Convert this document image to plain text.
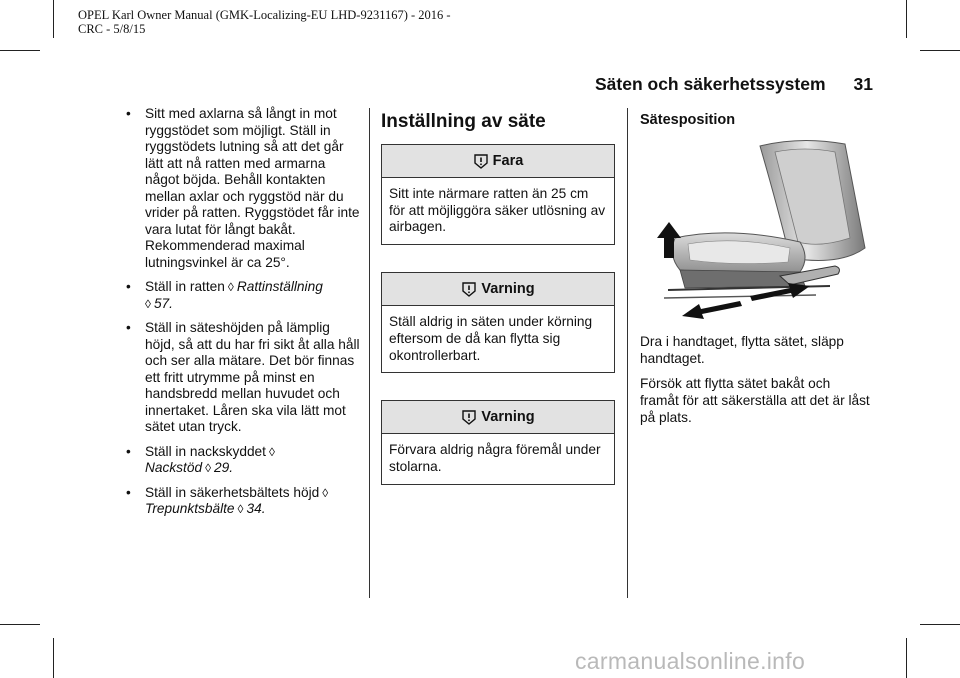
OPEL Karl Owner Manual (GMK-Localizing-EU LHD-9231167) - 2016 -
CRC - 5/8/15
Säten och säkerhetssystem 31
• Sitt med axlarna så långt in mot ryggstödet som möjligt. Ställ in ryggstödets lutning så att det går lätt att nå ratten med armarna något böjda. Behåll kontakten mellan axlar och ryggstöd när du vrider på ratten. Ryggstödet får inte vara lutat för långt bakåt. Rekommenderad maximal lutningsvinkel är ca 25°.
• Ställ in ratten ◊ Rattinställning
◊ 57.
• Ställ in säteshöjden på lämplig höjd, så att du har fri sikt åt alla håll och ser alla mätare. Det bör finnas ett fritt utrymme på minst en handsbredd mellan huvudet och innertaket. Låren ska vila lätt mot sätet utan tryck.
• Ställ in nackskyddet ◊
Nackstöd ◊ 29.
• Ställ in säkerhetsbältets höjd ◊
Trepunktsbälte ◊ 34.
Inställning av säte
Fara
Sitt inte närmare ratten än 25 cm för att möjliggöra säker utlösning av airbagen.
Varning
Ställ aldrig in säten under körning eftersom de då kan flytta sig okontrollerbart.
Varning
Förvara aldrig några föremål under stolarna.
Sätesposition

Dra i handtaget, flytta sätet, släpp handtaget.

Försök att flytta sätet bakåt och framåt för att säkerställa att det är låst på plats.

carmanualsonline.info
